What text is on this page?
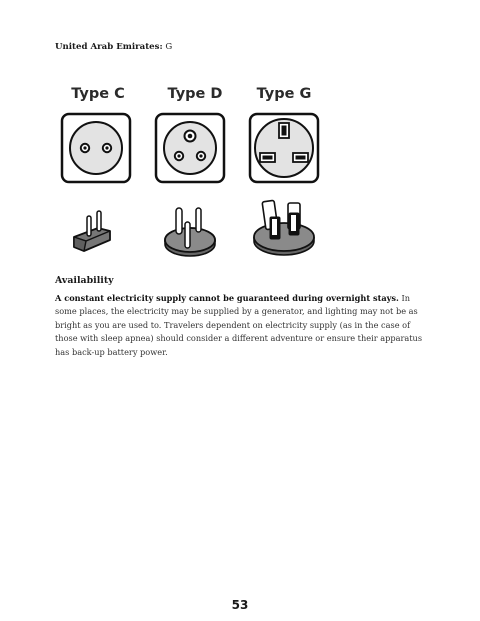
United Arab Emirates: G
Type C	Type D	Type G
Availability
A constant electricity supply cannot be guaranteed during overnight stays. In some places, the electricity may be supplied by a generator, and lighting may not be as bright as you are used to. Travelers dependent on electricity supply (as in the case of those with sleep apnea) should consider a different adventure or ensure their apparatus has back-up battery power.
53
